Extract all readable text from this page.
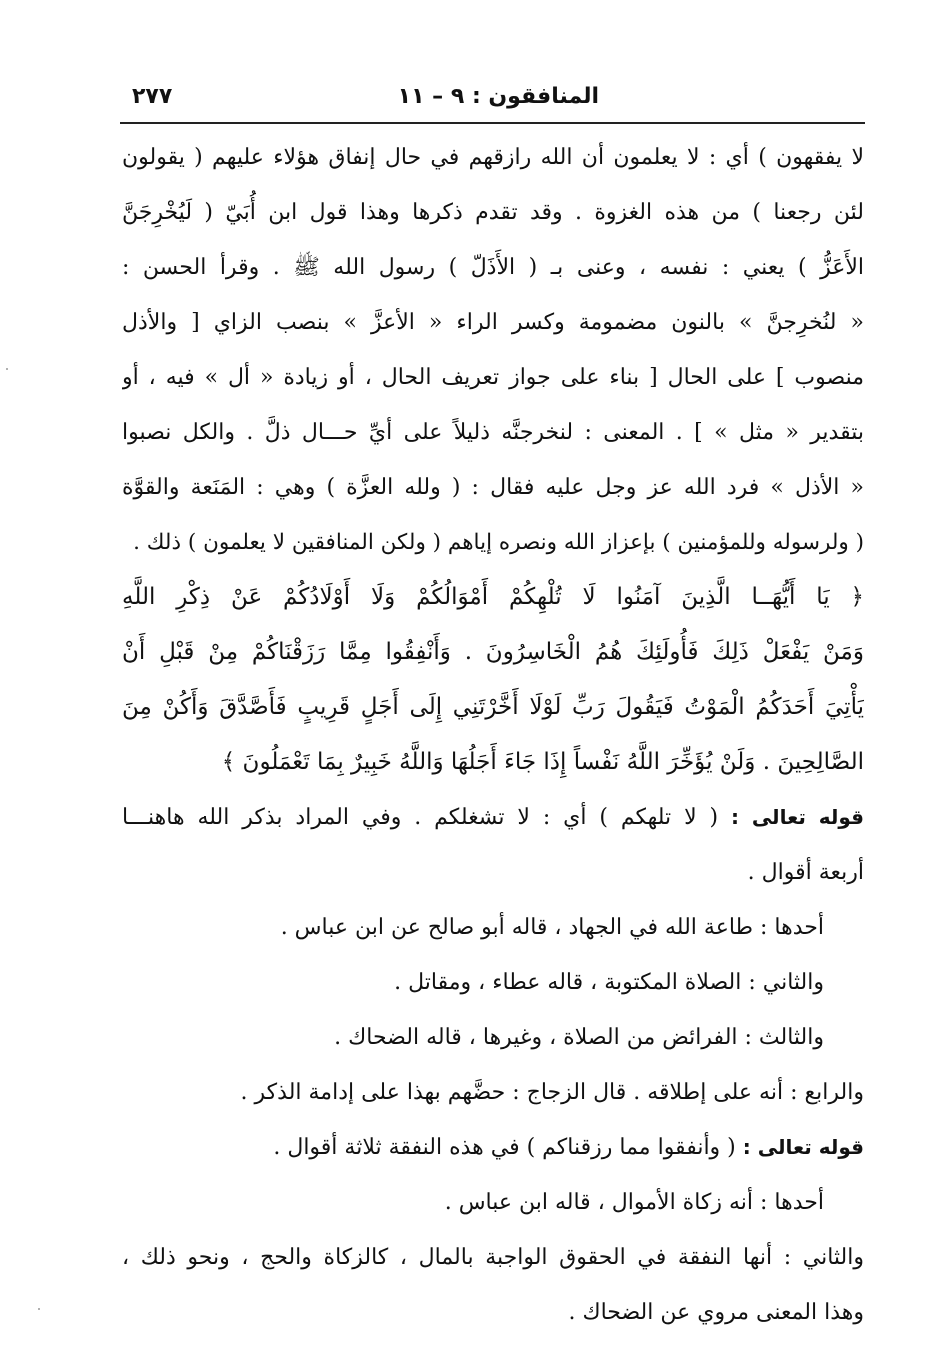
المنافقون : ٩ – ١١
٢٧٧
لا يفقهون ) أي : لا يعلمون أن الله رازقهم في حال إنفاق هؤلاء عليهم ( يقولون
لئن رجعنا ) من هذه الغزوة . وقد تقدم ذكرها وهذا قول ابن أُبَيّ ( لَيُخْرِجَنَّ
الأَعَزُّ ) يعني : نفسه ، وعنى بـ ( الأَذَلّ ) رسول الله ﷺ . وقرأ الحسن :
« لنُخرِجنَّ » بالنون مضمومة وكسر الراء « الأعزَّ » بنصب الزاي [ والأذل
منصوب ] على الحال [ بناء على جواز تعريف الحال ، أو زيادة « أل » فيه ، أو
بتقدير « مثل » ] . المعنى : لنخرجنَّه ذليلاً على أيِّ حـــال ذلَّ . والكل نصبوا
« الأذل » فرد الله عز وجل عليه فقال : ( ولله العزَّة ) وهي : المَنَعة والقوَّة
( ولرسوله وللمؤمنين ) بإعزاز الله ونصره إياهم ( ولكن المنافقين لا يعلمون ) ذلك .
﴿ يَا أَيُّهَــا الَّذِينَ آمَنُوا لَا تُلْهِكُمْ أَمْوَالُكُمْ وَلَا أَوْلَادُكُمْ عَنْ ذِكْرِ اللَّهِ
وَمَنْ يَفْعَلْ ذَلِكَ فَأُولَئِكَ هُمُ الْخَاسِرُونَ . وَأَنْفِقُوا مِمَّا رَزَقْنَاكُمْ مِنْ قَبْلِ أَنْ
يَأْتِيَ أَحَدَكُمُ الْمَوْتُ فَيَقُولَ رَبِّ لَوْلَا أَخَّرْتَنِي إِلَى أَجَلٍ قَرِيبٍ فَأَصَّدَّقَ وَأَكُنْ مِنَ
الصَّالِحِينَ . وَلَنْ يُؤَخِّرَ اللَّهُ نَفْساً إِذَا جَاءَ أَجَلُهَا وَاللَّهُ خَبِيرٌ بِمَا تَعْمَلُونَ ﴾
قوله تعالى : ( لا تلهكم ) أي : لا تشغلكم . وفي المراد بذكر الله هاهنـــا
أربعة أقوال .
أحدها : طاعة الله في الجهاد ، قاله أبو صالح عن ابن عباس .
والثاني : الصلاة المكتوبة ، قاله عطاء ، ومقاتل .
والثالث : الفرائض من الصلاة ، وغيرها ، قاله الضحاك .
والرابع : أنه على إطلاقه . قال الزجاج : حضَّهم بهذا على إدامة الذكر .
قوله تعالى : ( وأنفقوا مما رزقناكم ) في هذه النفقة ثلاثة أقوال .
أحدها : أنه زكاة الأموال ، قاله ابن عباس .
والثاني : أنها النفقة في الحقوق الواجبة بالمال ، كالزكاة والحج ، ونحو ذلك ،
وهذا المعنى مروي عن الضحاك .
